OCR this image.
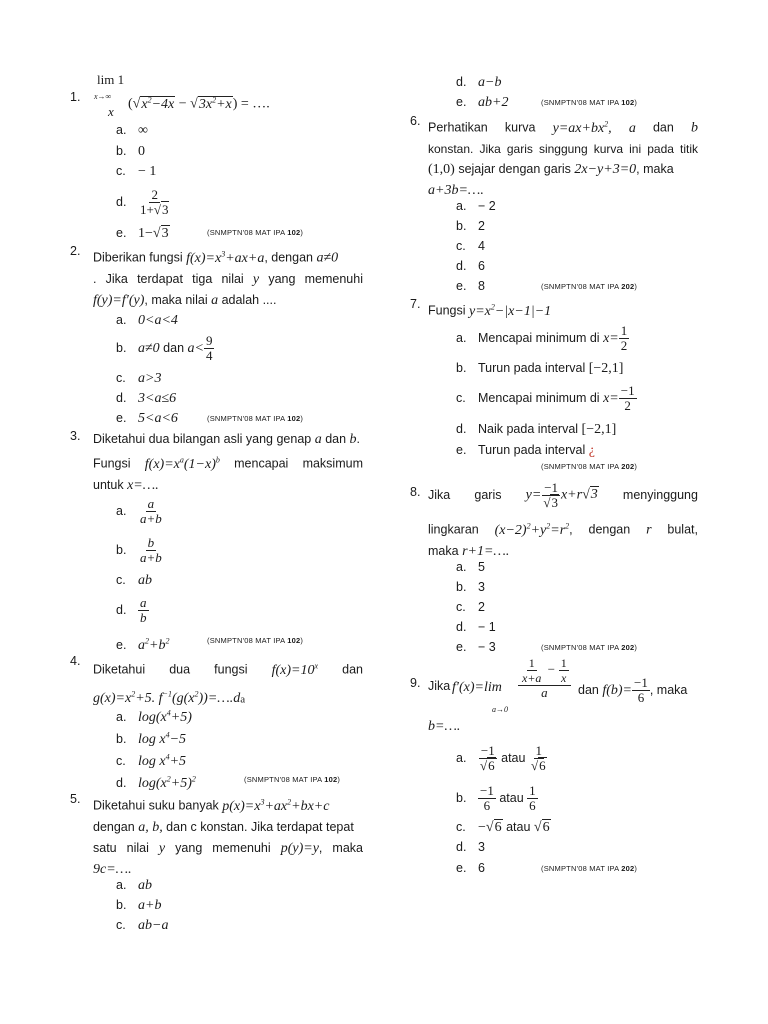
lim 1
x→∞
x
1.	$(√x^2-4x - √3x^2+x)$ = ….
a. ∞
b. 0
c. − 1
d. $\frac{2}{1+√3}$
e. 1−√3	(SNMPTN'08 MAT IPA 102)
2. Diberikan fungsi $f(x)=x^3+ax+a$, dengan a≠0
. Jika terdapat tiga nilai y yang memenuhi
f(y)=f′(y), maka nilai a adalah ....
a. 0<a<4
b. a≠0 dan $a< \frac{9}{4}$
c. a>3
d. 3<a≤6
e. 5<a<6	(SNMPTN'08 MAT IPA 102)
3. Diketahui dua bilangan asli yang genap a dan b.
Fungsi $f(x)=x^a(1-x)^b$ mencapai maksimum
untuk x=….
a. $\frac{a}{a+b}$
b. $\frac{b}{a+b}$
c. ab
d. $\frac{a}{b}$
e. $a^2+b^2$	(SNMPTN'08 MAT IPA 102)
4.
Diketahui dua fungsi $f(x)=10^x$ dan
$g(x)=x^2+5$. $f^{-1}(g(x^2))=\dots.da$
a. $\log(x^4+5)$
b. $\log x^4-5$
c. $\log x^4+5$
d. $\log(x^2+5)^2$	(SNMPTN'08 MAT IPA 102)
5. Diketahui suku banyak $p(x)=x^3+ax^2+bx+c$
dengan a, b, dan c konstan. Jika terdapat tepat
satu nilai y yang memenuhi p(y)=y, maka
9c=….
a. ab
b. a+b
c. ab−a
d. a−b
e. ab+2	(SNMPTN'08 MAT IPA 102)
6. Perhatikan kurva $y=ax+bx^2$, a dan b
konstan. Jika garis singgung kurva ini pada titik
(1,0) sejajar dengan garis 2x−y+3=0, maka
a+3b=….
a. − 2
b. 2
c. 4
d. 6
e. 8	(SNMPTN'08 MAT IPA 202)
7. Fungsi $y=x^2-|x-1|-1$
a. Mencapai minimum di $x= \frac{1}{2}$
b. Turun pada interval [−2,1]
c. Mencapai minimum di $x= \frac{-1}{2}$
d. Naik pada interval [−2,1]
e. Turun pada interval ¿
(SNMPTN'08 MAT IPA 202)
8. Jika garis $y= \frac{-1}{√3} x+r√3$ menyinggung
lingkaran $(x-2)^2+y^2=r^2$, dengan r bulat,
maka r+1=….
a. 5
b. 3
c. 2
d. − 1
e. − 3	(SNMPTN'08 MAT IPA 202)
9. Jika f′(x)=lim
a→0
$\frac{\frac{1}{x+a} - \frac{1}{x}}{a}$ dan $f(b)= \frac{-1}{6}$ , maka
b=….
a. $\frac{-1}{√6}$ atau $\frac{1}{√6}$
b. $\frac{-1}{6}$ atau $\frac{1}{6}$
c. −√6 atau √6
d. 3
e. 6	(SNMPTN'08 MAT IPA 202)
